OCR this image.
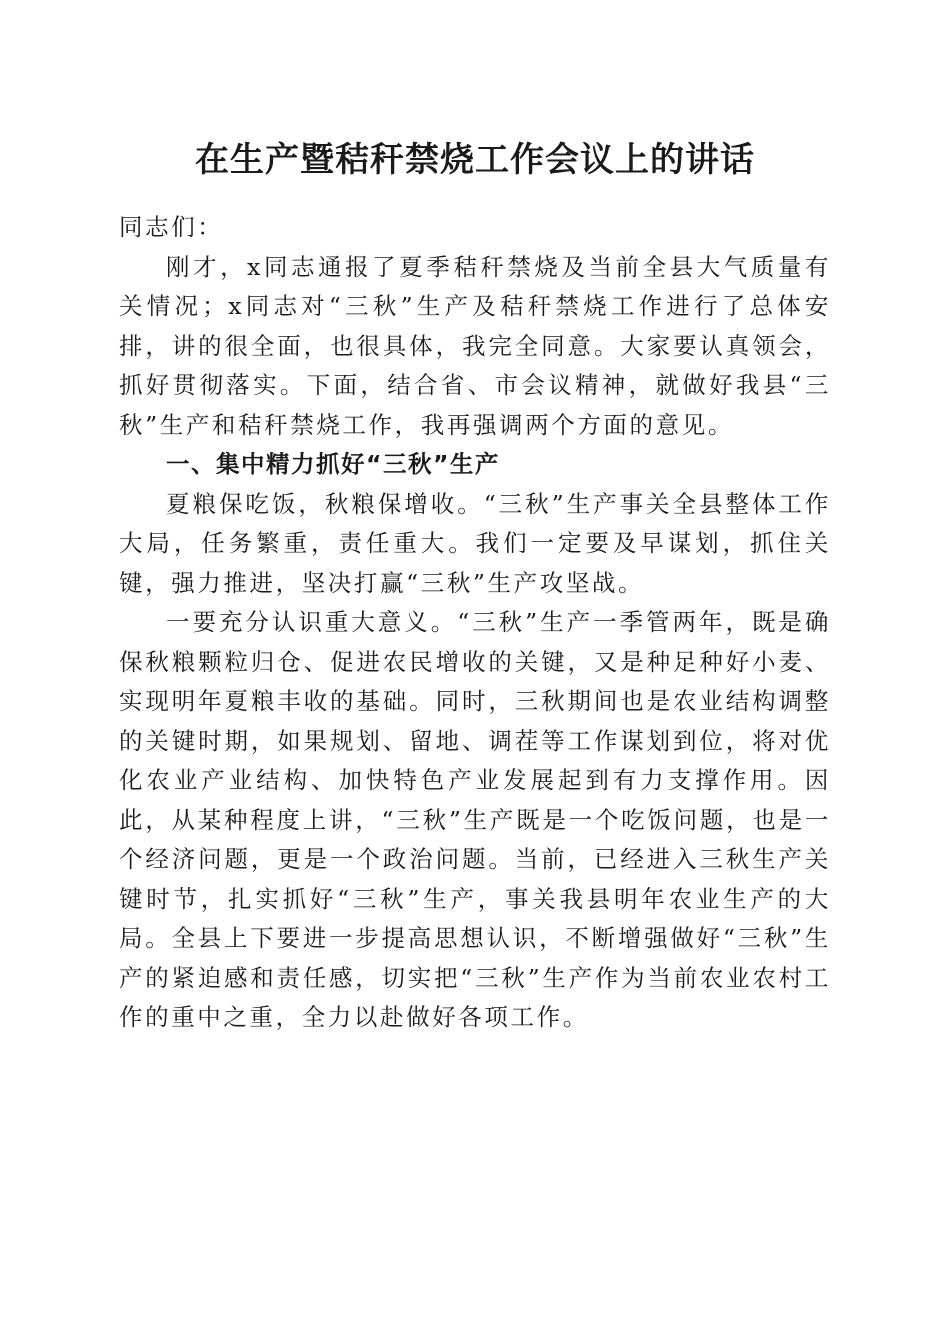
在生产暨秸秆禁烧工作会议上的讲话

同志们：

刚才，x同志通报了夏季秸秆禁烧及当前全县大气质量有关情况；x同志对“三秋”生产及秸秆禁烧工作进行了总体安排，讲的很全面，也很具体，我完全同意。大家要认真领会，抓好贯彻落实。下面，结合省、市会议精神，就做好我县“三秋”生产和秸秆禁烧工作，我再强调两个方面的意见。

一、集中精力抓好“三秋”生产

夏粮保吃饭，秋粮保增收。“三秋”生产事关全县整体工作大局，任务繁重，责任重大。我们一定要及早谋划，抓住关键，强力推进，坚决打赢“三秋”生产攻坚战。

一要充分认识重大意义。“三秋”生产一季管两年，既是确保秋粮颗粒归仓、促进农民增收的关键，又是种足种好小麦、实现明年夏粮丰收的基础。同时，三秋期间也是农业结构调整的关键时期，如果规划、留地、调茬等工作谋划到位，将对优化农业产业结构、加快特色产业发展起到有力支撑作用。因此，从某种程度上讲，“三秋”生产既是一个吃饭问题，也是一个经济问题，更是一个政治问题。当前，已经进入三秋生产关键时节，扎实抓好“三秋”生产，事关我县明年农业生产的大局。全县上下要进一步提高思想认识，不断增强做好“三秋”生产的紧迫感和责任感，切实把“三秋”生产作为当前农业农村工作的重中之重，全力以赴做好各项工作。
